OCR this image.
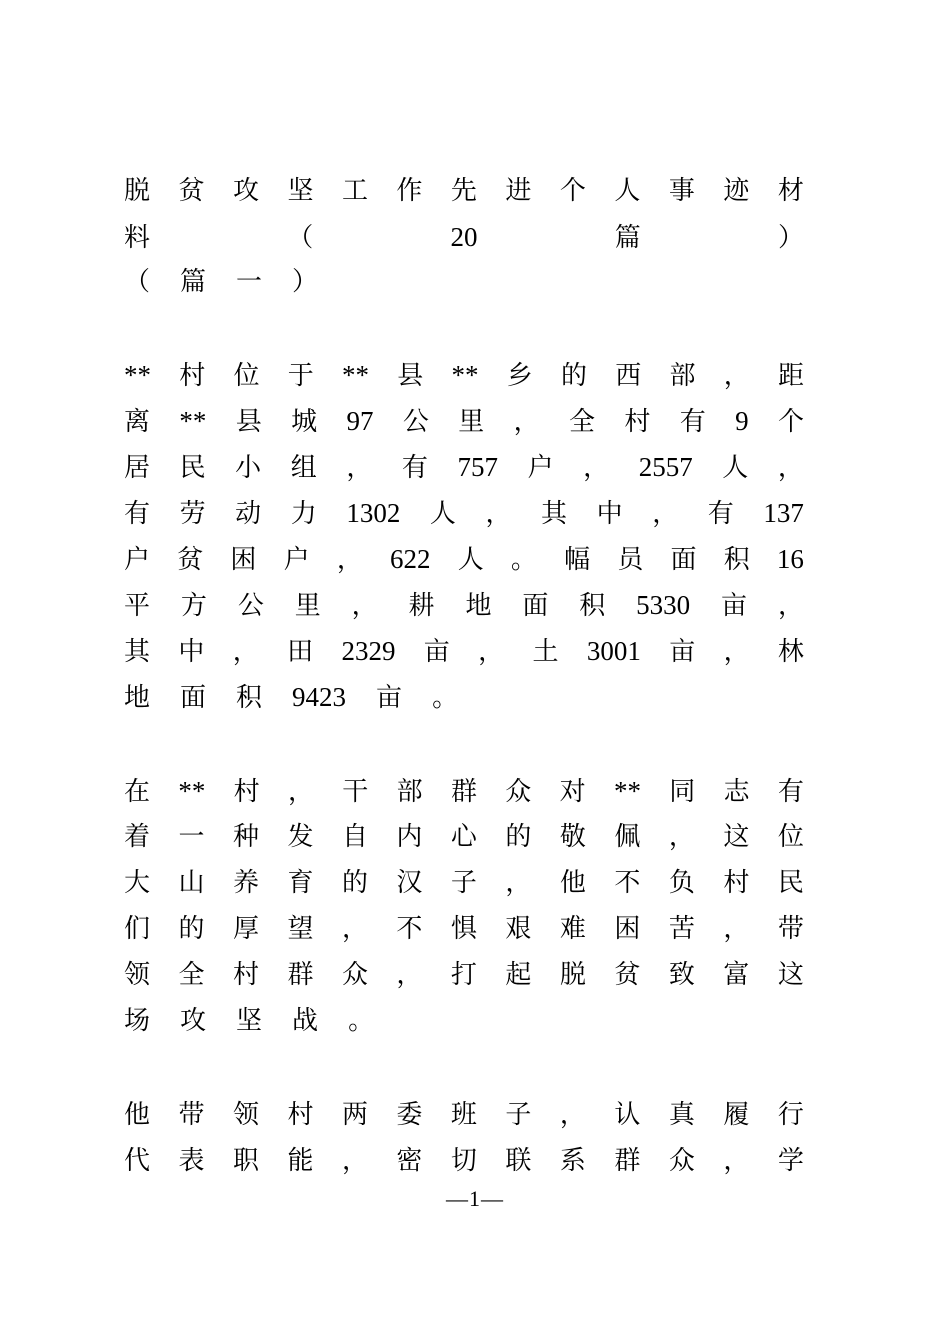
脱 贫 攻 坚 工 作 先 进 个 人 事 迹 材
料	（	20	篇	）
（ 篇 一 ）
** 村 位 于 ** 县 ** 乡 的 西 部 ， 距
离 ** 县 城 97 公 里 ， 全 村 有 9 个
居 民 小 组 ， 有 757 户 ， 2557 人 ，
有 劳 动 力 1302 人 ， 其 中 ， 有 137
户 贫 困 户 ， 622 人 。 幅 员 面 积 16
平 方 公 里 ， 耕 地 面 积 5330 亩 ，
其 中 ， 田 2329 亩 ， 土 3001 亩 ， 林
地 面 积 9423 亩 。
在 ** 村 ， 干 部 群 众 对 ** 同 志 有
着 一 种 发 自 内 心 的 敬 佩 ， 这 位
大 山 养 育 的 汉 子 ， 他 不 负 村 民
们 的 厚 望 ， 不 惧 艰 难 困 苦 ， 带
领 全 村 群 众 ， 打 起 脱 贫 致 富 这
场 攻 坚 战 。
他 带 领 村 两 委 班 子 ， 认 真 履 行
代 表 职 能 ， 密 切 联 系 群 众 ， 学
—1—
